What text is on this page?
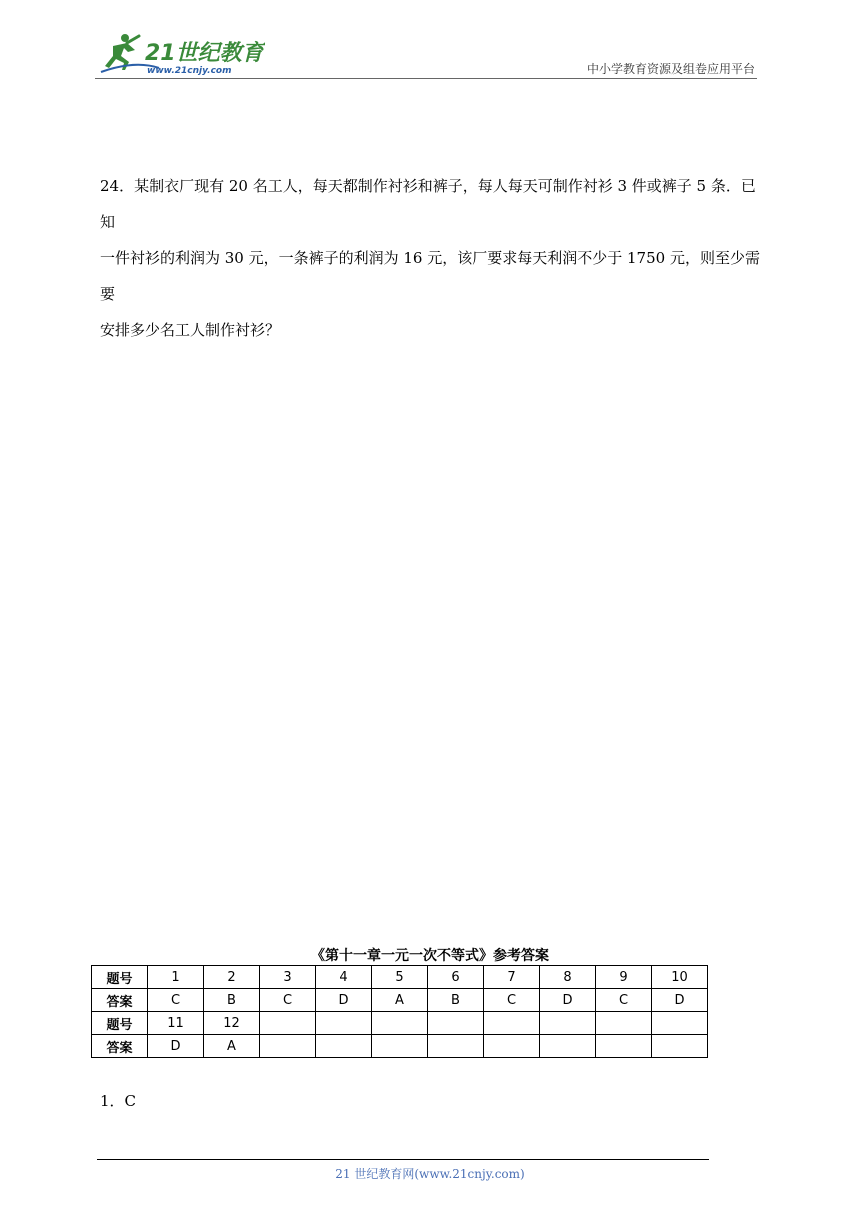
21世纪教育
www.21cnjy.com	中小学教育资源及组卷应用平台

24．某制衣厂现有 20 名工人，每天都制作衬衫和裤子，每人每天可制作衬衫 3 件或裤子 5 条．已知

一件衬衫的利润为 30 元，一条裤子的利润为 16 元，该厂要求每天利润不少于 1750 元，则至少需要

安排多少名工人制作衬衫？

《第十一章一元一次不等式》参考答案
题号	1	2	3	4	5	6	7	8	9	10
答案	C	B	C	D	A	B	C	D	C	D
题号	11	12								
答案	D	A								
1．C
21 世纪教育网(www.21cnjy.com)
